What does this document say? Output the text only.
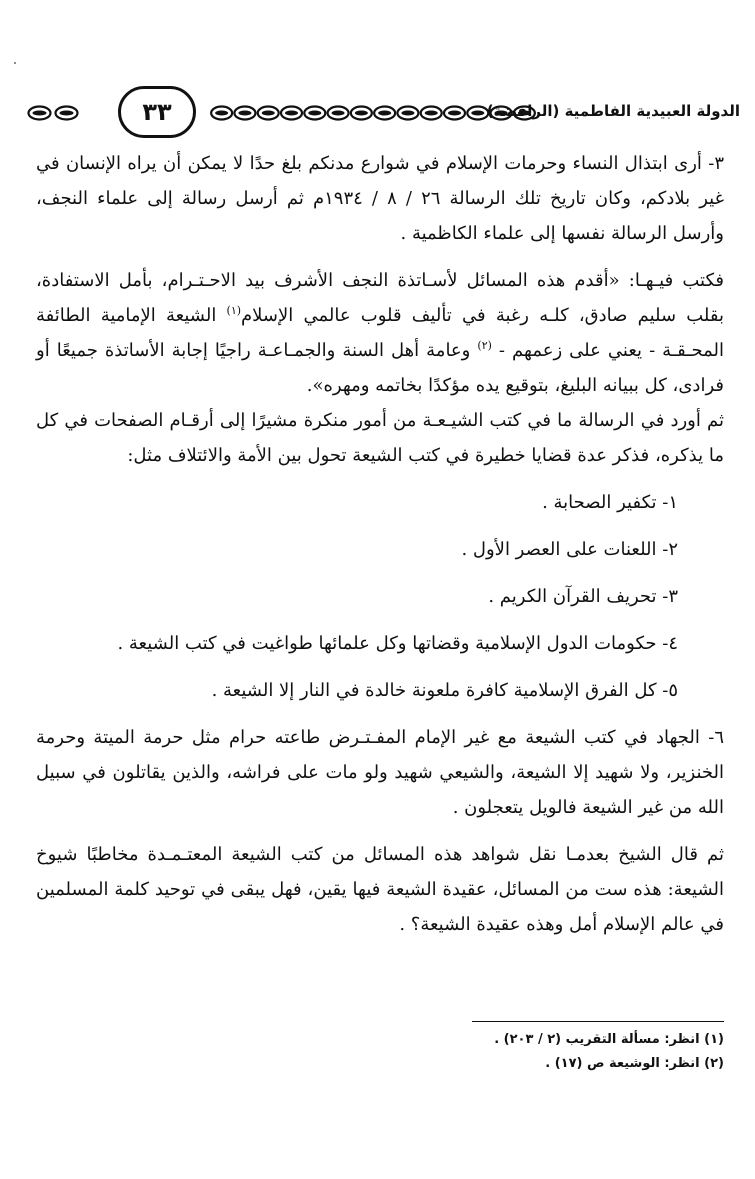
٣٣	الدولة العبيدية الفاطمية (الرافضة)

٣- أرى ابتذال النساء وحرمات الإسلام في شوارع مدنكم بلغ حدًا لا يمكن أن يراه الإنسان في غير بلادكم، وكان تاريخ تلك الرسالة ٢٦ / ٨ / ١٩٣٤م ثم أرسل رسالة إلى علماء النجف، وأرسل الرسالة نفسها إلى علماء الكاظمية .

فكتب فيـهـا: «أقدم هذه المسائل لأسـاتذة النجف الأشرف بيد الاحـتـرام، بأمل الاستفادة، بقلب سليم صادق، كلـه رغبة في تأليف قلوب عالمي الإسلام$^{(١)}$ الشيعة الإمامية الطائفة المحـقـة - يعني على زعمهم - $^{(٢)}$ وعامة أهل السنة والجمـاعـة راجيًا إجابة الأساتذة جميعًا أو فرادى، كل ببيانه البليغ، بتوقيع يده مؤكدًا بخاتمه ومهره».

ثم أورد في الرسالة ما في كتب الشيـعـة من أمور منكرة مشيرًا إلى أرقـام الصفحات في كل ما يذكره، فذكر عدة قضايا خطيرة في كتب الشيعة تحول بين الأمة والائتلاف مثل:

١- تكفير الصحابة .

٢- اللعنات على العصر الأول .

٣- تحريف القرآن الكريم .

٤- حكومات الدول الإسلامية وقضاتها وكل علمائها طواغيت في كتب الشيعة .

٥- كل الفرق الإسلامية كافرة ملعونة خالدة في النار إلا الشيعة .

٦- الجهاد في كتب الشيعة مع غير الإمام المفـتـرض طاعته حرام مثل حرمة الميتة وحرمة الخنزير، ولا شهيد إلا الشيعة، والشيعي شهيد ولو مات على فراشه، والذين يقاتلون في سبيل الله من غير الشيعة فالويل يتعجلون .

ثم قال الشيخ بعدمـا نقل شواهد هذه المسائل من كتب الشيعة المعتـمـدة مخاطبًا شيوخ الشيعة: هذه ست من المسائل، عقيدة الشيعة فيها يقين، فهل يبقى في توحيد كلمة المسلمين في عالم الإسلام أمل وهذه عقيدة الشيعة؟ .

(١) انظر: مسألة التقريب (٢ / ٢٠٣) .

(٢) انظر: الوشيعة ص (١٧) .
